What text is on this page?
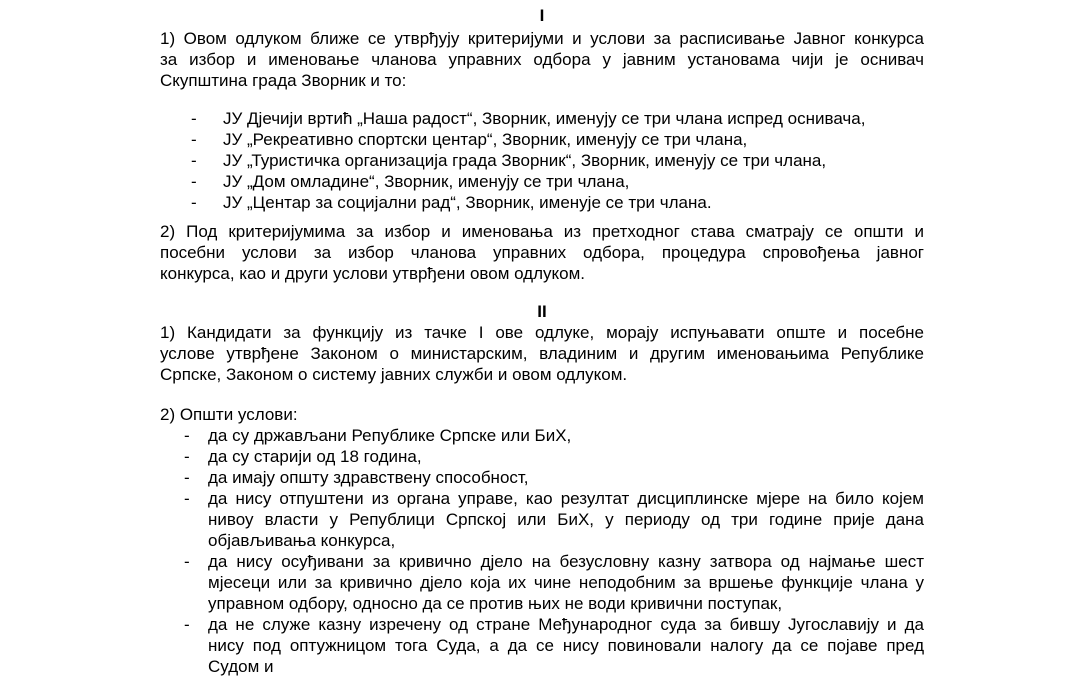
I
1) Овом одлуком ближе се утврђују критеријуми и услови за расписивање Јавног конкурса
за избор и именовање чланова управних одбора у јавним установама чији је оснивач
Скупштина града Зворник и то:
- ЈУ Дјечији вртић „Наша радост“, Зворник, именују се три члана испред оснивача,
- ЈУ „Рекреативно спортски центар“, Зворник, именују се три члана,
- ЈУ „Туристичка организација града Зворник“, Зворник, именују се три члана,
- ЈУ „Дом омладине“, Зворник, именују се три члана,
- ЈУ „Центар за социјални рад“, Зворник, именује се три члана.
2) Под критеријумима за избор и именовања из претходног става сматрају се општи и
посебни услови за избор чланова управних одбора, процедура спровођења јавног
конкурса, као и други услови утврђени овом одлуком.
II
1) Кандидати за функцију из тачке I ове одлуке, морају испуњавати опште и посебне
услове утврђене Законом о министарским, владиним и другим именовањима Републике
Српске, Законом о систему јавних служби и овом одлуком.
2) Општи услови:
- да су држављани Републике Српске или БиХ,
- да су старији од 18 година,
- да имају општу здравствену способност,
- да нису отпуштени из органа управе, као резултат дисциплинске мјере на било којем
нивоу власти у Републици Српској или БиХ, у периоду од три године прије дана
објављивања конкурса,
- да нису осуђивани за кривично дјело на безусловну казну затвора од најмање шест
мјесеци или за кривично дјело која их чине неподобним за вршење функције члана у
управном одбору, односно да се против њих не води кривични поступак,
- да не служе казну изречену од стране Међународног суда за бившу Југославију и да
нису под оптужницом тога Суда, а да се нису повиновали налогу да се појаве пред
Судом и
